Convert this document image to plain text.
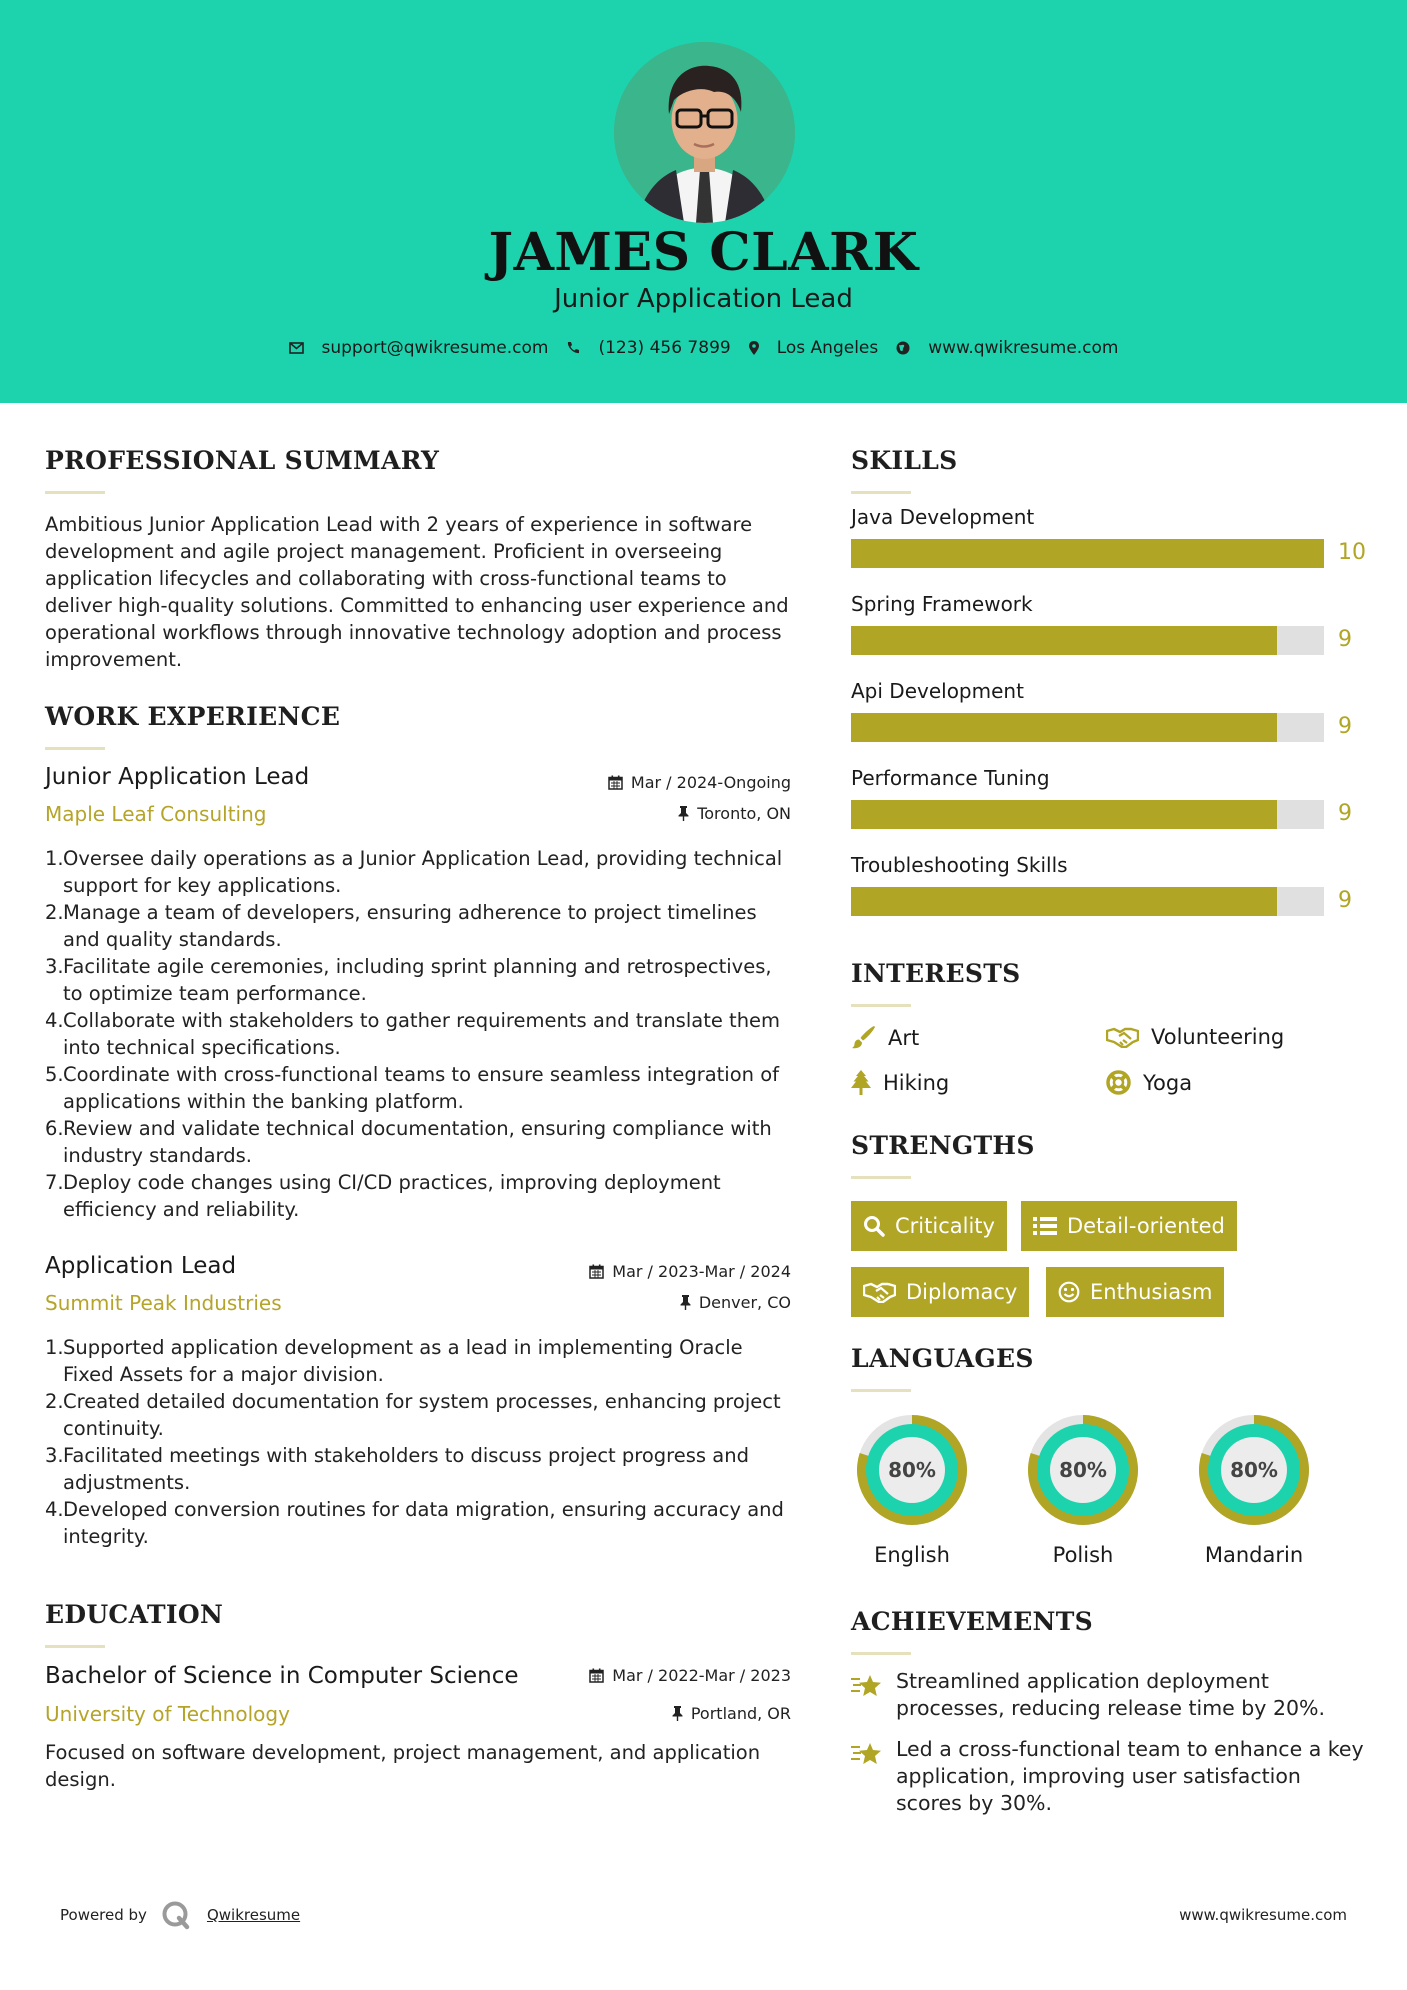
JAMES CLARK
Junior Application Lead
support@qwikresume.com	(123) 456 7899	Los Angeles	www.qwikresume.com
PROFESSIONAL SUMMARY
Ambitious Junior Application Lead with 2 years of experience in software development and agile project management. Proficient in overseeing application lifecycles and collaborating with cross-functional teams to deliver high-quality solutions. Committed to enhancing user experience and operational workflows through innovative technology adoption and process improvement.
WORK EXPERIENCE
Junior Application Lead	Mar / 2024-Ongoing
Maple Leaf Consulting	Toronto, ON
1. Oversee daily operations as a Junior Application Lead, providing technical support for key applications.
2. Manage a team of developers, ensuring adherence to project timelines and quality standards.
3. Facilitate agile ceremonies, including sprint planning and retrospectives, to optimize team performance.
4. Collaborate with stakeholders to gather requirements and translate them into technical specifications.
5. Coordinate with cross-functional teams to ensure seamless integration of applications within the banking platform.
6. Review and validate technical documentation, ensuring compliance with industry standards.
7. Deploy code changes using CI/CD practices, improving deployment efficiency and reliability.
Application Lead	Mar / 2023-Mar / 2024
Summit Peak Industries	Denver, CO
1. Supported application development as a lead in implementing Oracle Fixed Assets for a major division.
2. Created detailed documentation for system processes, enhancing project continuity.
3. Facilitated meetings with stakeholders to discuss project progress and adjustments.
4. Developed conversion routines for data migration, ensuring accuracy and integrity.
EDUCATION
Bachelor of Science in Computer Science	Mar / 2022-Mar / 2023
University of Technology	Portland, OR
Focused on software development, project management, and application design.
SKILLS
Java Development
10
Spring Framework
9
Api Development
9
Performance Tuning
9
Troubleshooting Skills
9
INTERESTS
Art	Volunteering
Hiking	Yoga
STRENGTHS
Criticality	Detail-oriented
Diplomacy	Enthusiasm
LANGUAGES
80%
English
80%
Polish
80%
Mandarin
ACHIEVEMENTS
Streamlined application deployment processes, reducing release time by 20%.
Led a cross-functional team to enhance a key application, improving user satisfaction scores by 30%.
Powered by	Qwikresume	www.qwikresume.com
